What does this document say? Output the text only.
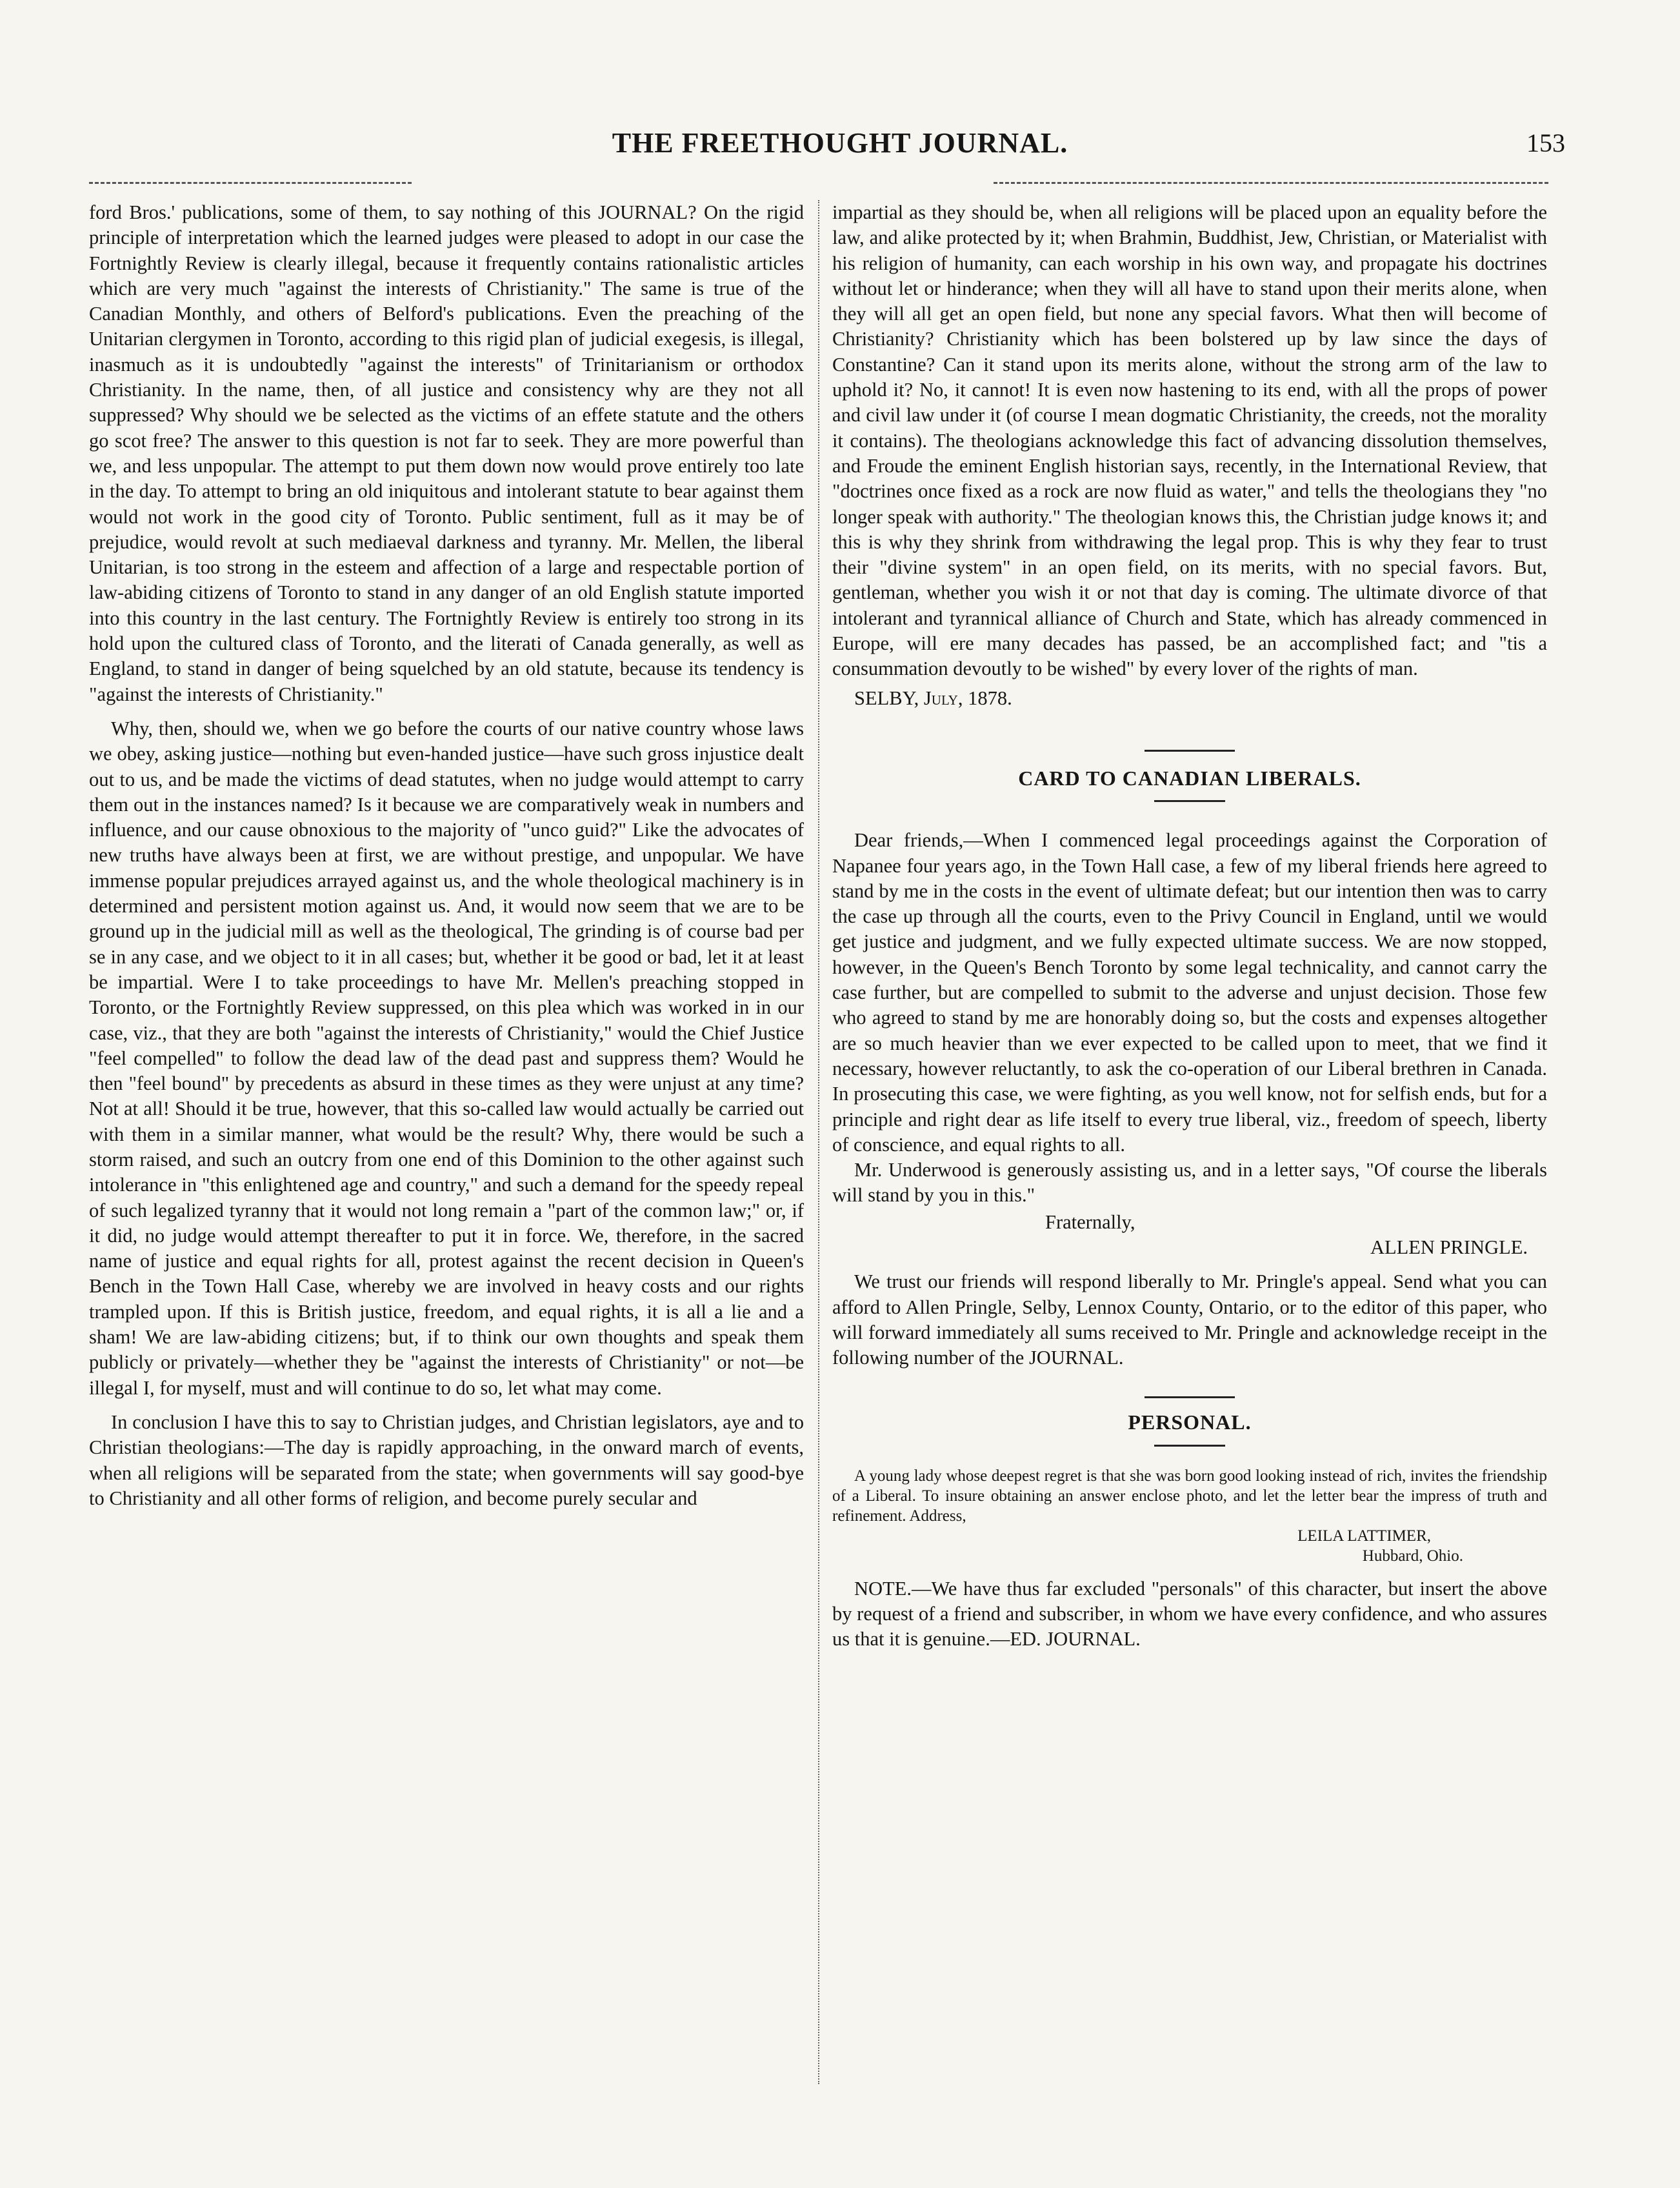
THE FREETHOUGHT JOURNAL.	153

ford Bros.' publications, some of them, to say nothing of this JOURNAL? On the rigid principle of interpretation which the learned judges were pleased to adopt in our case the Fortnightly Review is clearly illegal, because it frequently contains rationalistic articles which are very much "against the interests of Christianity." The same is true of the Canadian Monthly, and others of Belford's publications. Even the preaching of the Unitarian clergymen in Toronto, according to this rigid plan of judicial exegesis, is illegal, inasmuch as it is undoubtedly "against the interests" of Trinitarianism or orthodox Christianity. In the name, then, of all justice and consistency why are they not all suppressed? Why should we be selected as the victims of an effete statute and the others go scot free? The answer to this question is not far to seek. They are more powerful than we, and less unpopular. The attempt to put them down now would prove entirely too late in the day. To attempt to bring an old iniquitous and intolerant statute to bear against them would not work in the good city of Toronto. Public sentiment, full as it may be of prejudice, would revolt at such mediaeval darkness and tyranny. Mr. Mellen, the liberal Unitarian, is too strong in the esteem and affection of a large and respectable portion of law-abiding citizens of Toronto to stand in any danger of an old English statute imported into this country in the last century. The Fortnightly Review is entirely too strong in its hold upon the cultured class of Toronto, and the literati of Canada generally, as well as England, to stand in danger of being squelched by an old statute, because its tendency is "against the interests of Christianity."

Why, then, should we, when we go before the courts of our native country whose laws we obey, asking justice—nothing but even-handed justice—have such gross injustice dealt out to us, and be made the victims of dead statutes, when no judge would attempt to carry them out in the instances named? Is it because we are comparatively weak in numbers and influence, and our cause obnoxious to the majority of "unco guid?" Like the advocates of new truths have always been at first, we are without prestige, and unpopular. We have immense popular prejudices arrayed against us, and the whole theological machinery is in determined and persistent motion against us. And, it would now seem that we are to be ground up in the judicial mill as well as the theological, The grinding is of course bad per se in any case, and we object to it in all cases; but, whether it be good or bad, let it at least be impartial. Were I to take proceedings to have Mr. Mellen's preaching stopped in Toronto, or the Fortnightly Review suppressed, on this plea which was worked in in our case, viz., that they are both "against the interests of Christianity," would the Chief Justice "feel compelled" to follow the dead law of the dead past and suppress them? Would he then "feel bound" by precedents as absurd in these times as they were unjust at any time? Not at all! Should it be true, however, that this so-called law would actually be carried out with them in a similar manner, what would be the result? Why, there would be such a storm raised, and such an outcry from one end of this Dominion to the other against such intolerance in "this enlightened age and country," and such a demand for the speedy repeal of such legalized tyranny that it would not long remain a "part of the common law;" or, if it did, no judge would attempt thereafter to put it in force. We, therefore, in the sacred name of justice and equal rights for all, protest against the recent decision in Queen's Bench in the Town Hall Case, whereby we are involved in heavy costs and our rights trampled upon. If this is British justice, freedom, and equal rights, it is all a lie and a sham! We are law-abiding citizens; but, if to think our own thoughts and speak them publicly or privately—whether they be "against the interests of Christianity" or not—be illegal I, for myself, must and will continue to do so, let what may come.

In conclusion I have this to say to Christian judges, and Christian legislators, aye and to Christian theologians:—The day is rapidly approaching, in the onward march of events, when all religions will be separated from the state; when governments will say good-bye to Christianity and all other forms of religion, and become purely secular and

impartial as they should be, when all religions will be placed upon an equality before the law, and alike protected by it; when Brahmin, Buddhist, Jew, Christian, or Materialist with his religion of humanity, can each worship in his own way, and propagate his doctrines without let or hinderance; when they will all have to stand upon their merits alone, when they will all get an open field, but none any special favors. What then will become of Christianity? Christianity which has been bolstered up by law since the days of Constantine? Can it stand upon its merits alone, without the strong arm of the law to uphold it? No, it cannot! It is even now hastening to its end, with all the props of power and civil law under it (of course I mean dogmatic Christianity, the creeds, not the morality it contains). The theologians acknowledge this fact of advancing dissolution themselves, and Froude the eminent English historian says, recently, in the International Review, that "doctrines once fixed as a rock are now fluid as water," and tells the theologians they "no longer speak with authority." The theologian knows this, the Christian judge knows it; and this is why they shrink from withdrawing the legal prop. This is why they fear to trust their "divine system" in an open field, on its merits, with no special favors. But, gentleman, whether you wish it or not that day is coming. The ultimate divorce of that intolerant and tyrannical alliance of Church and State, which has already commenced in Europe, will ere many decades has passed, be an accomplished fact; and "tis a consummation devoutly to be wished" by every lover of the rights of man.

SELBY, July, 1878.

CARD TO CANADIAN LIBERALS.

Dear friends,—When I commenced legal proceedings against the Corporation of Napanee four years ago, in the Town Hall case, a few of my liberal friends here agreed to stand by me in the costs in the event of ultimate defeat; but our intention then was to carry the case up through all the courts, even to the Privy Council in England, until we would get justice and judgment, and we fully expected ultimate success. We are now stopped, however, in the Queen's Bench Toronto by some legal technicality, and cannot carry the case further, but are compelled to submit to the adverse and unjust decision. Those few who agreed to stand by me are honorably doing so, but the costs and expenses altogether are so much heavier than we ever expected to be called upon to meet, that we find it necessary, however reluctantly, to ask the co-operation of our Liberal brethren in Canada. In prosecuting this case, we were fighting, as you well know, not for selfish ends, but for a principle and right dear as life itself to every true liberal, viz., freedom of speech, liberty of conscience, and equal rights to all.

Mr. Underwood is generously assisting us, and in a letter says, "Of course the liberals will stand by you in this."

Fraternally,

ALLEN PRINGLE.

We trust our friends will respond liberally to Mr. Pringle's appeal. Send what you can afford to Allen Pringle, Selby, Lennox County, Ontario, or to the editor of this paper, who will forward immediately all sums received to Mr. Pringle and acknowledge receipt in the following number of the JOURNAL.

PERSONAL.

A young lady whose deepest regret is that she was born good looking instead of rich, invites the friendship of a Liberal. To insure obtaining an answer enclose photo, and let the letter bear the impress of truth and refinement. Address,

LEILA LATTIMER,

Hubbard, Ohio.

NOTE.—We have thus far excluded "personals" of this character, but insert the above by request of a friend and subscriber, in whom we have every confidence, and who assures us that it is genuine.—ED. JOURNAL.
